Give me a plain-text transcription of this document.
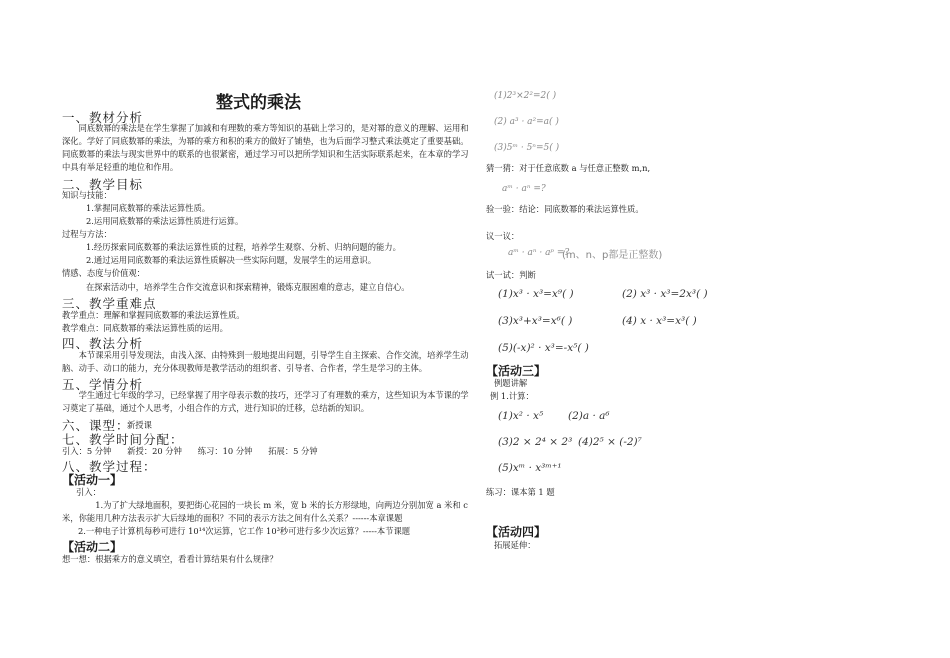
整式的乘法
一、教材分析
同底数幂的乘法是在学生掌握了加減和有理数的乘方等知识的基础上学习的，是对幂的意义的理解、运用和深化。学好了同底数幂的乘法，为幂的乘方和积的乘方的做好了铺垫，也为后面学习整式乘法奠定了重要基础。同底数幂的乘法与现实世界中的联系的也很紧密，通过学习可以把所学知识和生活实际联系起来，在本章的学习中具有举足轻重的地位和作用。
二、教学目标
知识与技能：
1.掌握同底数幂的乘法运算性质。
2.运用同底数幂的乘法运算性质进行运算。
过程与方法：
1.经历探索同底数幂的乘法运算性质的过程，培养学生观察、分析、归纳问题的能力。
2.通过运用同底数幂的乘法运算性质解决一些实际问题，发展学生的运用意识。
情感、态度与价值观：
在探索活动中，培养学生合作交流意识和探索精神，锻炼克服困难的意志，建立自信心。
三、教学重难点
教学重点：理解和掌握同底数幂的乘法运算性质。
教学难点：同底数幂的乘法运算性质的运用。
四、教法分析
本节课采用引导发现法，由浅入深、由特殊到一般地提出问题，引导学生自主探索、合作交流，培养学生动脑、动手、动口的能力，充分体现教师是教学活动的组织者、引导者、合作者，学生是学习的主体。
五、学情分析
学生通过七年级的学习，已经掌握了用字母表示数的技巧，还学习了有理数的乘方，这些知识为本节课的学习奠定了基础，通过个人思考，小组合作的方式，进行知识的迁移，总结新的知识。
六、课型：
新授课
七、教学时间分配：
引入：5 分钟      新授：20 分钟      练习：10 分钟      拓展：5 分钟
八、教学过程：
【活动一】
引入：
1.为了扩大绿地面积，要把街心花园的一块长 m 米，宽 b 米的长方形绿地，向两边分别加宽 a 米和 c 米，你能用几种方法表示扩大后绿地的面积？不同的表示方法之间有什么关系？------本章课题
2.一种电子计算机每秒可进行 10¹⁴次运算，它工作 10³秒可进行多少次运算？-----本节课题
【活动二】
想一想：根据乘方的意义填空，看看计算结果有什么规律？
(1)2³×2²=2( )
(2) a³ · a²=a( )
(3)5ᵐ · 5ⁿ=5( )
猜一猜：对于任意底数 a 与任意正整数 m,n,
aᵐ · aⁿ =?
验一验：结论：同底数幂的乘法运算性质。
议一议：
aᵐ · aⁿ · aᵖ =?
(m、n、p都是正整数)
试一试：判断
(1)x³ · x³=x⁹( )	(2) x³ · x³=2x³( )
(3)x³+x³=x⁶( )	(4) x · x³=x³( )
(5)(-x)² · x³=-x⁵( )
【活动三】
例题讲解
例 1.计算：
(1)x² · x⁵ (2)a · a⁶
(3)2 × 2⁴ × 2³ (4)2⁵ × (-2)⁷
(5)xᵐ · x³ᵐ⁺¹
练习：课本第 1 题
【活动四】
拓展延伸：
